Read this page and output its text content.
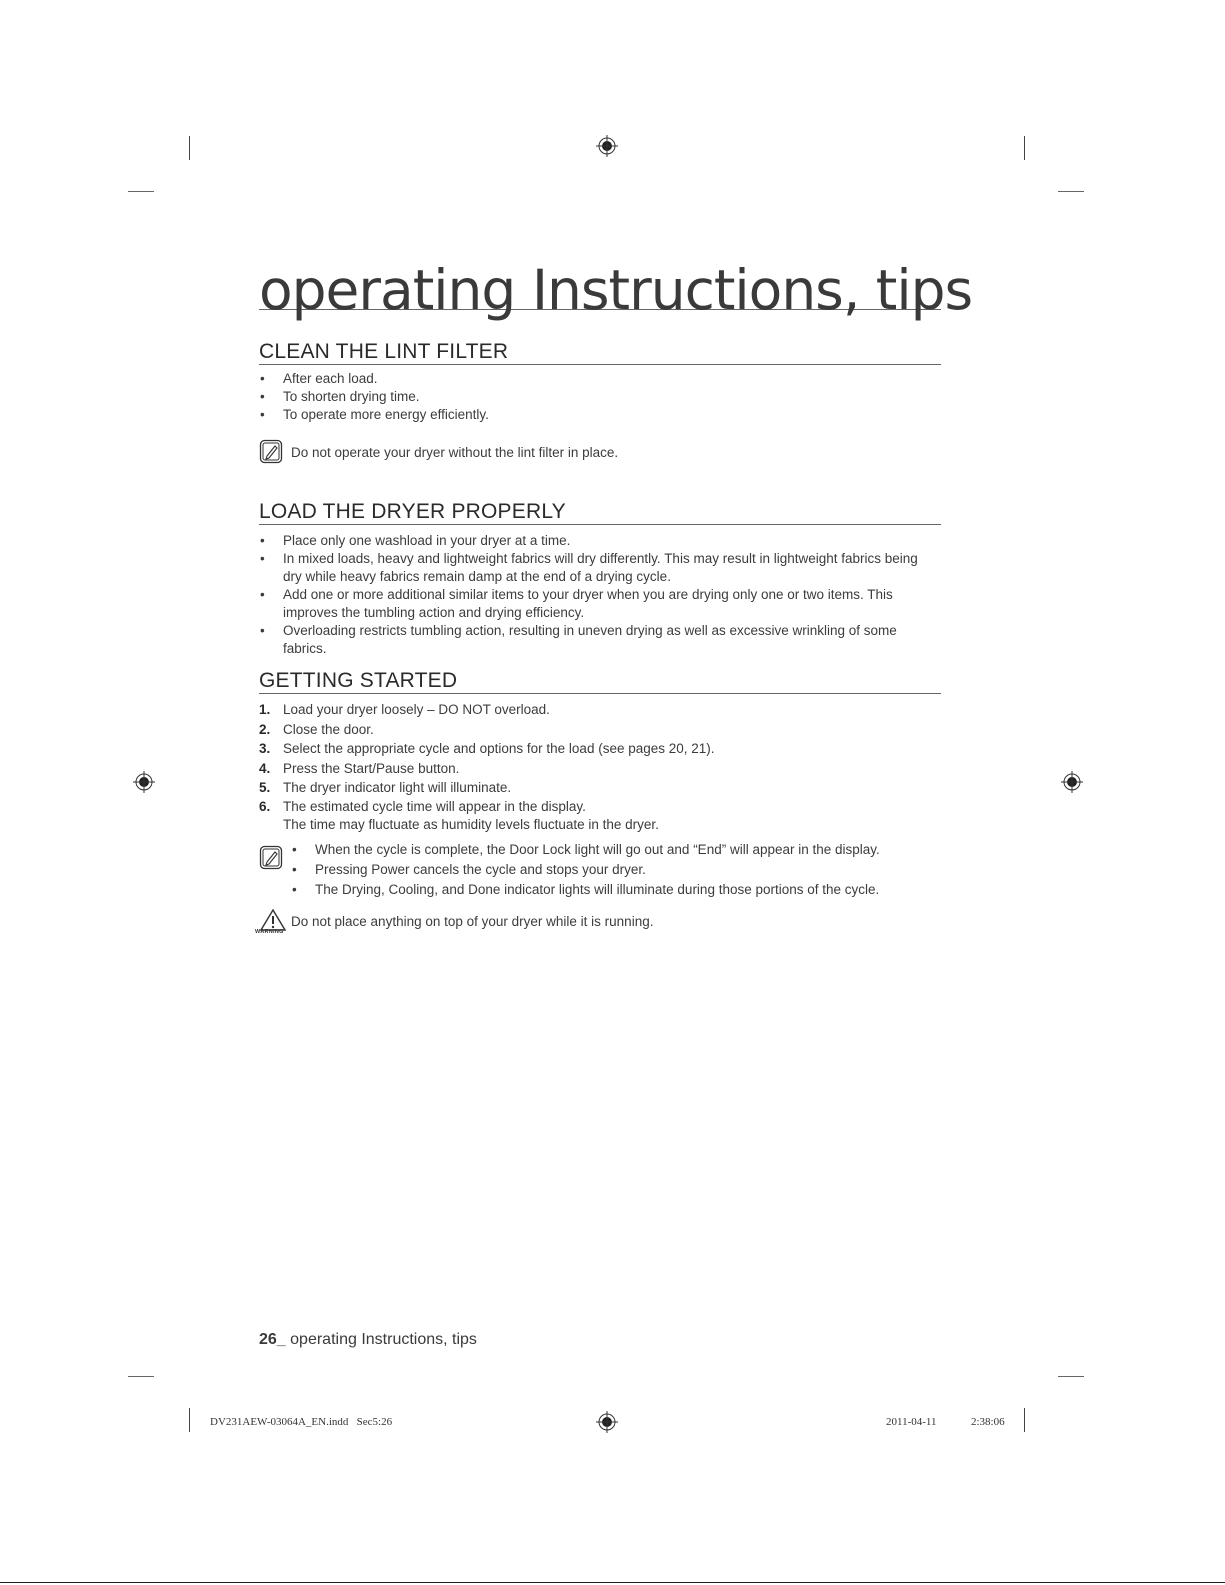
operating Instructions, tips
CLEAN THE LINT FILTER
• After each load.
• To shorten drying time.
• To operate more energy efficiently.
Do not operate your dryer without the lint filter in place.
LOAD THE DRYER PROPERLY
• Place only one washload in your dryer at a time.
• In mixed loads, heavy and lightweight fabrics will dry differently. This may result in lightweight fabrics being dry while heavy fabrics remain damp at the end of a drying cycle.
• Add one or more additional similar items to your dryer when you are drying only one or two items. This improves the tumbling action and drying efficiency.
• Overloading restricts tumbling action, resulting in uneven drying as well as excessive wrinkling of some fabrics.
GETTING STARTED
1. Load your dryer loosely – DO NOT overload.
2. Close the door.
3. Select the appropriate cycle and options for the load (see pages 20, 21).
4. Press the Start/Pause button.
5. The dryer indicator light will illuminate.
6. The estimated cycle time will appear in the display.
The time may fluctuate as humidity levels fluctuate in the dryer.
• When the cycle is complete, the Door Lock light will go out and “End” will appear in the display.
• Pressing Power cancels the cycle and stops your dryer.
• The Drying, Cooling, and Done indicator lights will illuminate during those portions of the cycle.
WARNING
Do not place anything on top of your dryer while it is running.
26_ operating Instructions, tips
DV231AEW-03064A_EN.indd   Sec5:26	2011-04-11	2:38:06
